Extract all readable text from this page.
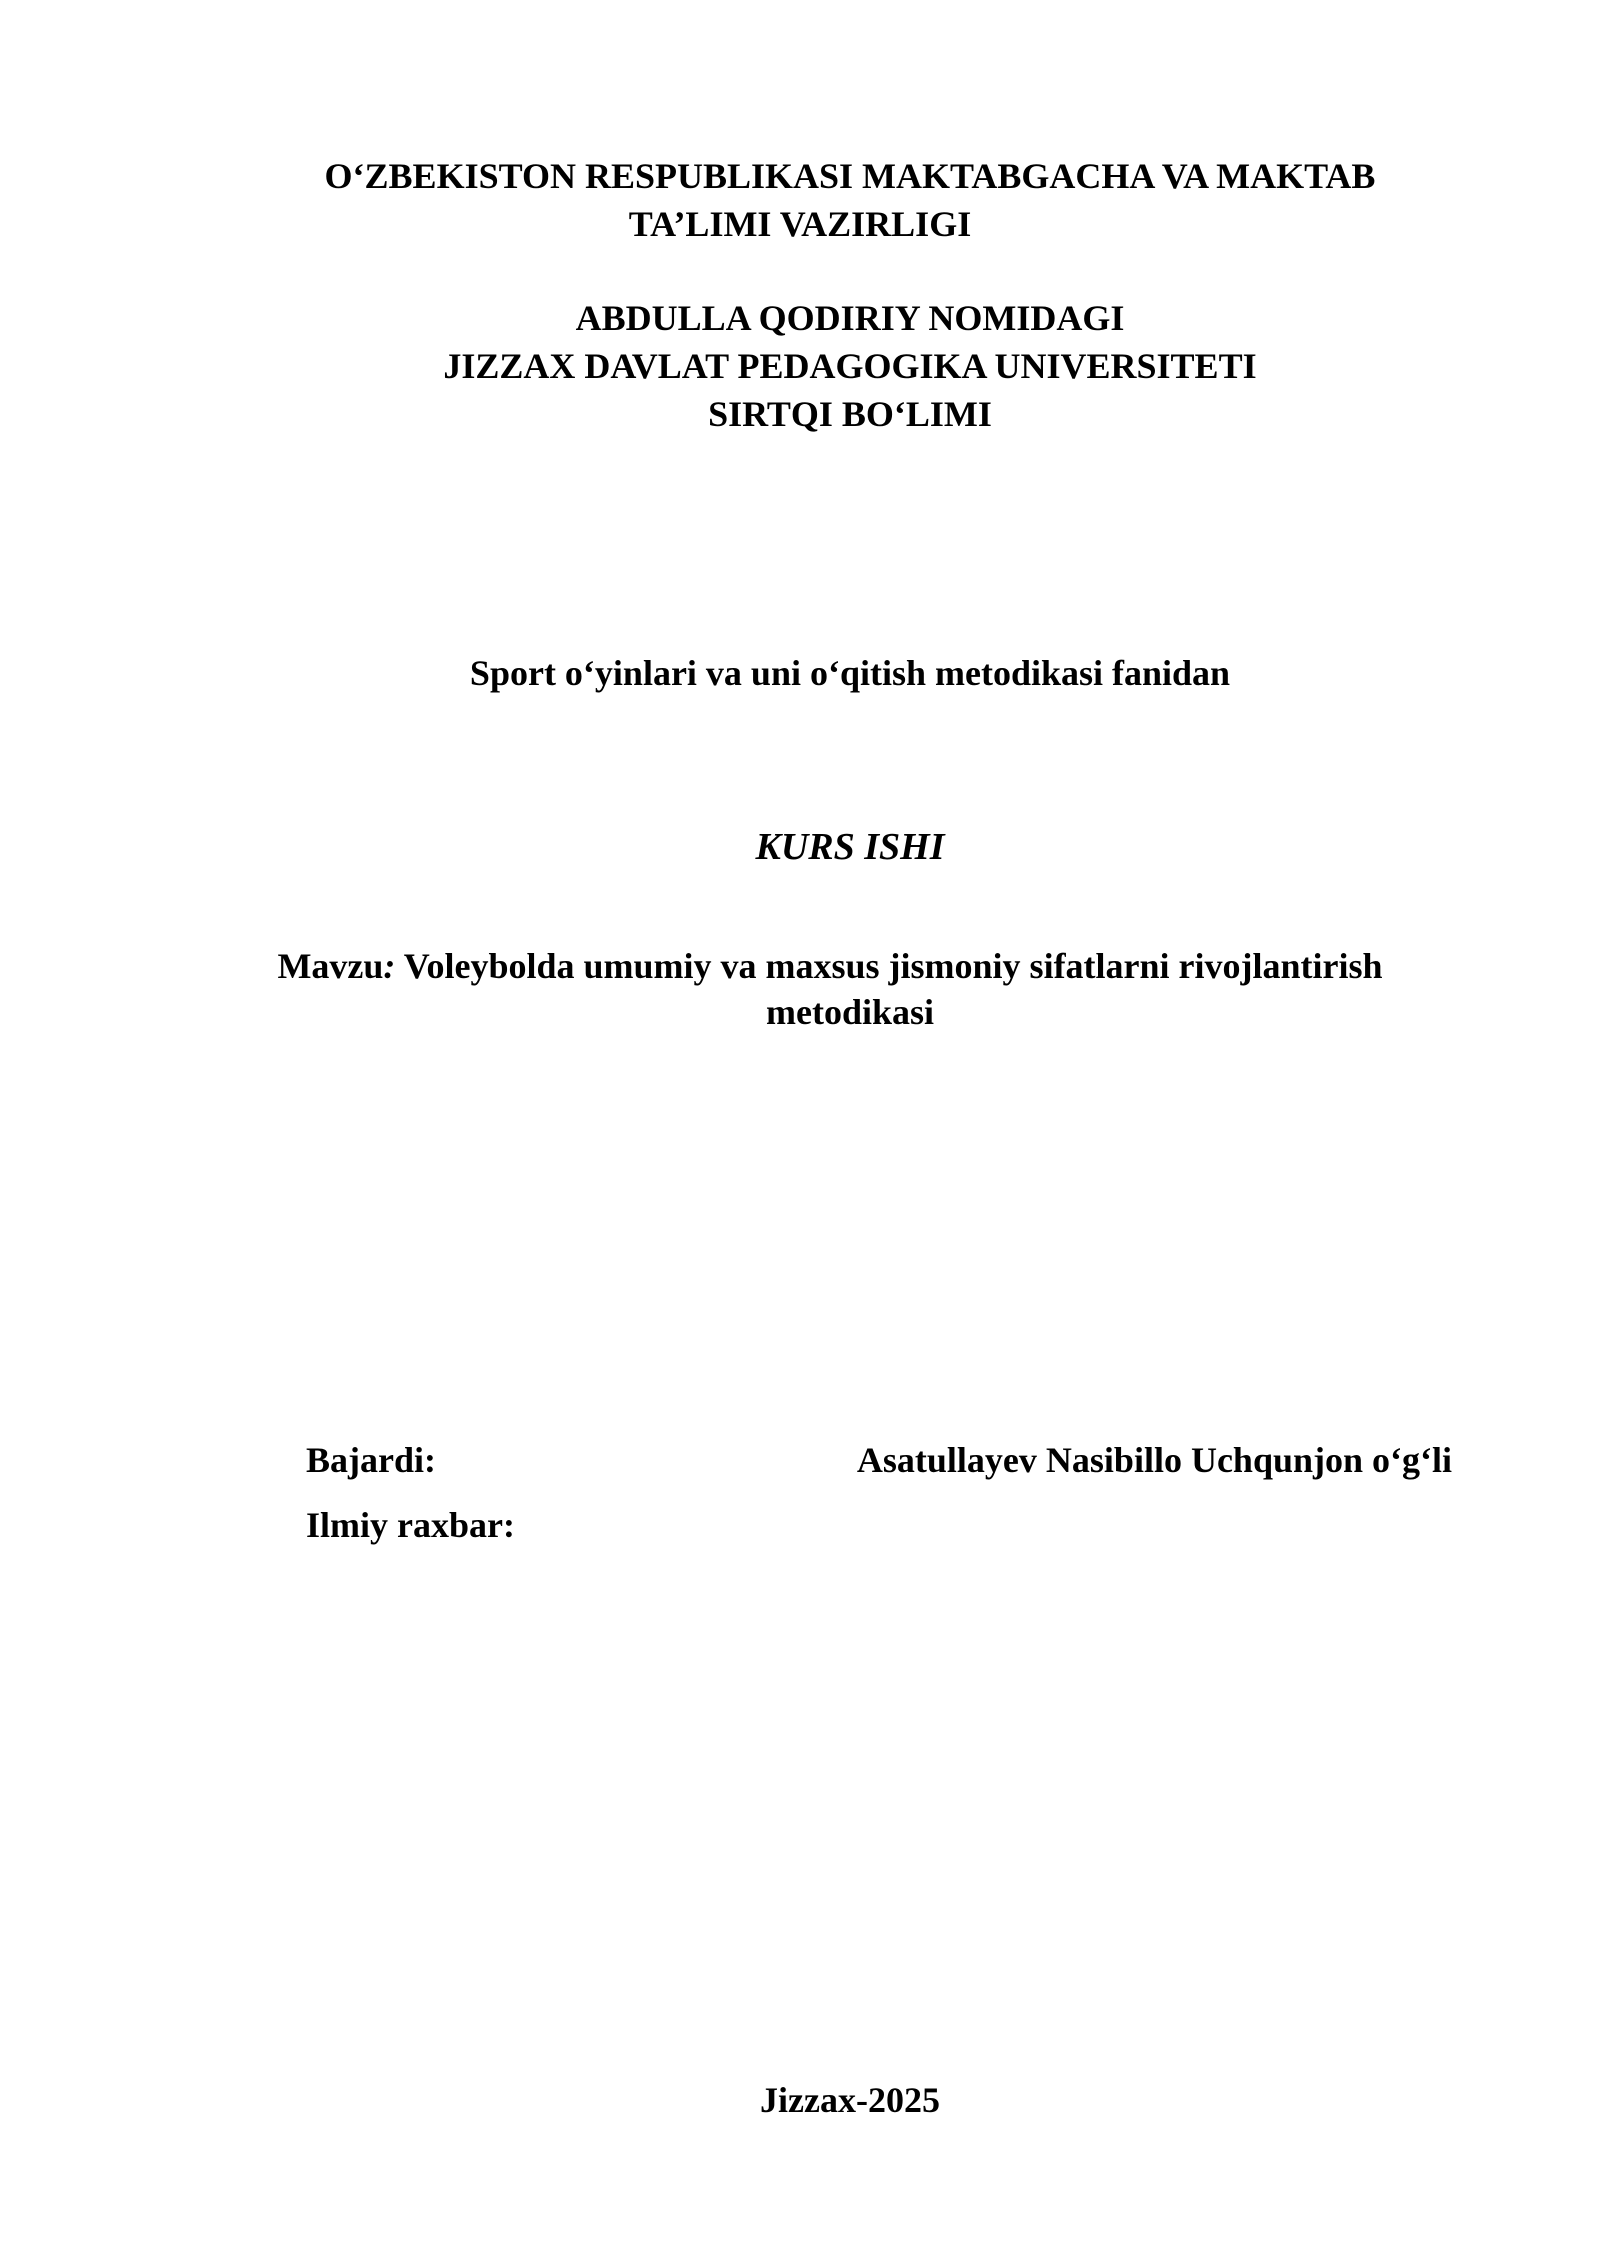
O‘ZBEKISTON RESPUBLIKASI MAKTABGACHA VA MAKTAB
TA’LIMI VAZIRLIGI
ABDULLA QODIRIY NOMIDAGI
JIZZAX DAVLAT PEDAGOGIKA UNIVERSITETI
SIRTQI BO‘LIMI
Sport o‘yinlari va uni o‘qitish metodikasi fanidan
KURS ISHI
Mavzu: Voleybolda umumiy va maxsus jismoniy sifatlarni rivojlantirish
metodikasi
Bajardi:	Asatullayev Nasibillo Uchqunjon o‘g‘li
Ilmiy raxbar:
Jizzax-2025
